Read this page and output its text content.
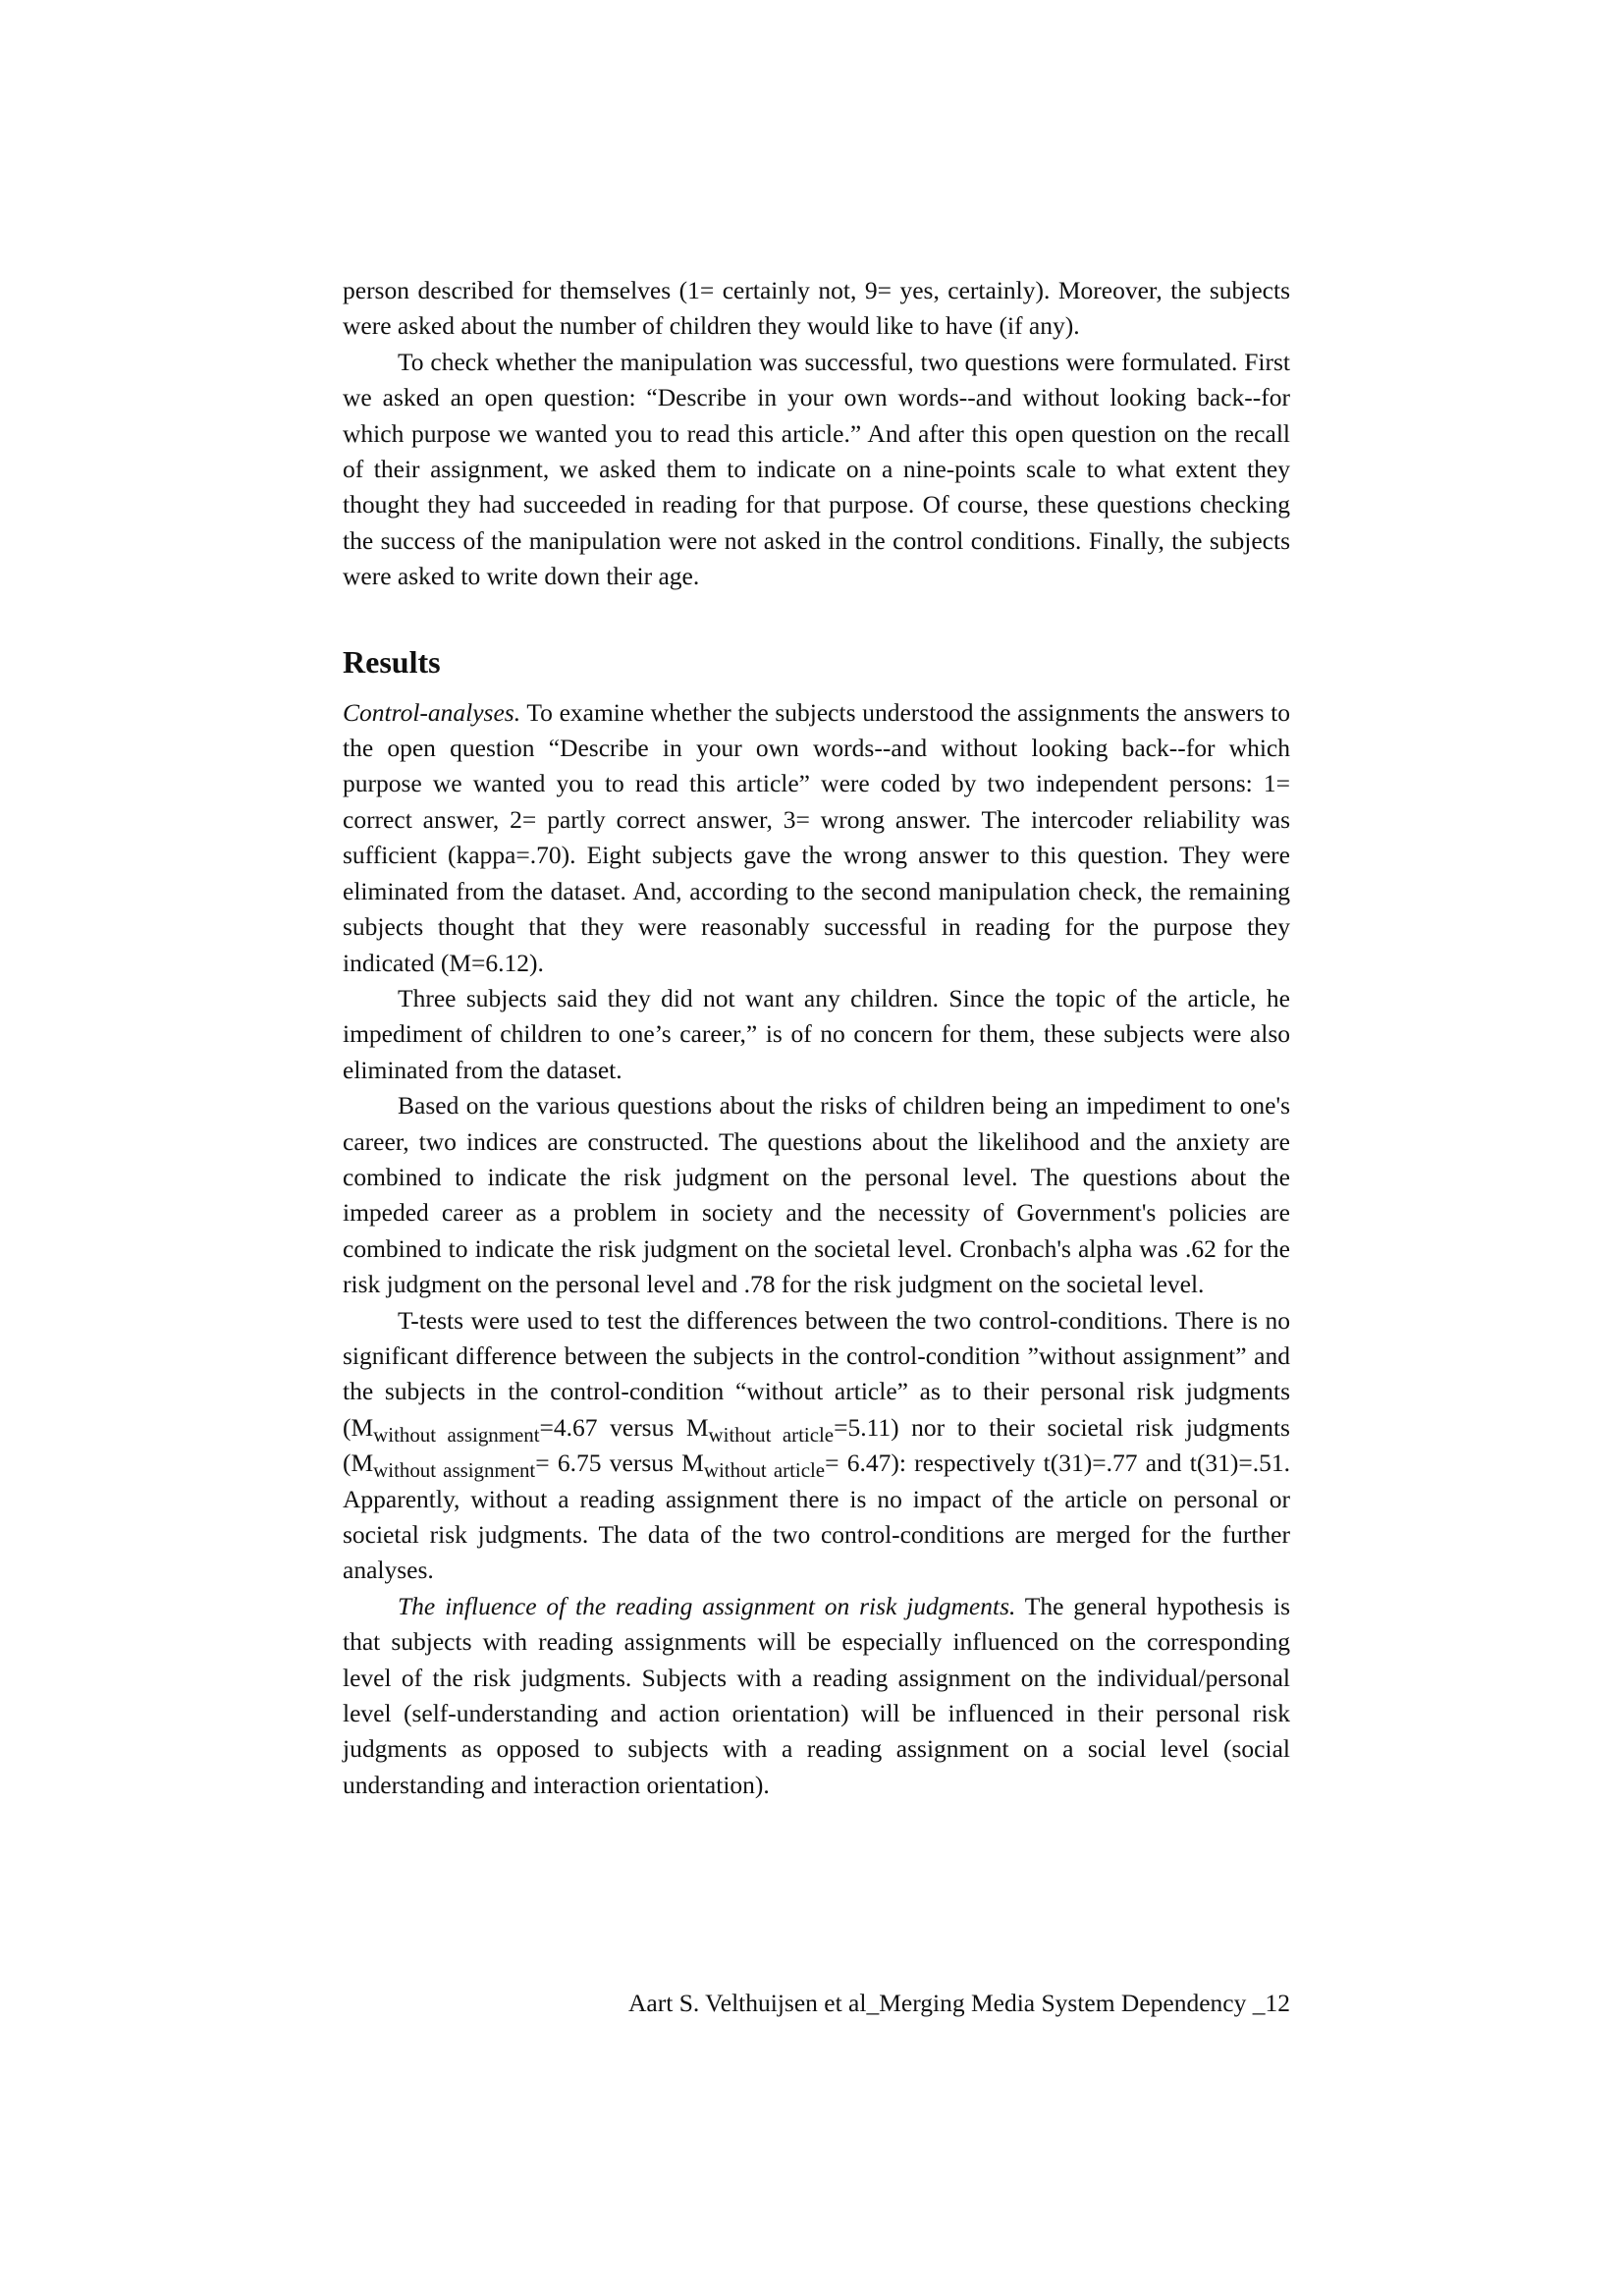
person described for themselves (1= certainly not, 9= yes, certainly). Moreover, the subjects were asked about the number of children they would like to have (if any).

To check whether the manipulation was successful, two questions were formulated. First we asked an open question: “Describe in your own words--and without looking back--for which purpose we wanted you to read this article.” And after this open question on the recall of their assignment, we asked them to indicate on a nine-points scale to what extent they thought they had succeeded in reading for that purpose. Of course, these questions checking the success of the manipulation were not asked in the control conditions. Finally, the subjects were asked to write down their age.

Results

Control-analyses. To examine whether the subjects understood the assignments the answers to the open question “Describe in your own words--and without looking back--for which purpose we wanted you to read this article” were coded by two independent persons: 1= correct answer, 2= partly correct answer, 3= wrong answer. The intercoder reliability was sufficient (kappa=.70). Eight subjects gave the wrong answer to this question. They were eliminated from the dataset. And, according to the second manipulation check, the remaining subjects thought that they were reasonably successful in reading for the purpose they indicated (M=6.12).

Three subjects said they did not want any children. Since the topic of the article, he impediment of children to one’s career,” is of no concern for them, these subjects were also eliminated from the dataset.

Based on the various questions about the risks of children being an impediment to one's career, two indices are constructed. The questions about the likelihood and the anxiety are combined to indicate the risk judgment on the personal level. The questions about the impeded career as a problem in society and the necessity of Government's policies are combined to indicate the risk judgment on the societal level. Cronbach's alpha was .62 for the risk judgment on the personal level and .78 for the risk judgment on the societal level.

T-tests were used to test the differences between the two control-conditions. There is no significant difference between the subjects in the control-condition ”without assignment” and the subjects in the control-condition “without article” as to their personal risk judgments ($M_{without assignment}=4.67$ versus $M_{without article}=5.11$) nor to their societal risk judgments ($M_{without assignment}= 6.75$ versus $M_{without article}= 6.47$): respectively t(31)=.77 and t(31)=.51. Apparently, without a reading assignment there is no impact of the article on personal or societal risk judgments. The data of the two control-conditions are merged for the further analyses.

The influence of the reading assignment on risk judgments. The general hypothesis is that subjects with reading assignments will be especially influenced on the corresponding level of the risk judgments. Subjects with a reading assignment on the individual/personal level (self-understanding and action orientation) will be influenced in their personal risk judgments as opposed to subjects with a reading assignment on a social level (social understanding and interaction orientation).

Aart S. Velthuijsen et al_Merging Media System Dependency _12
